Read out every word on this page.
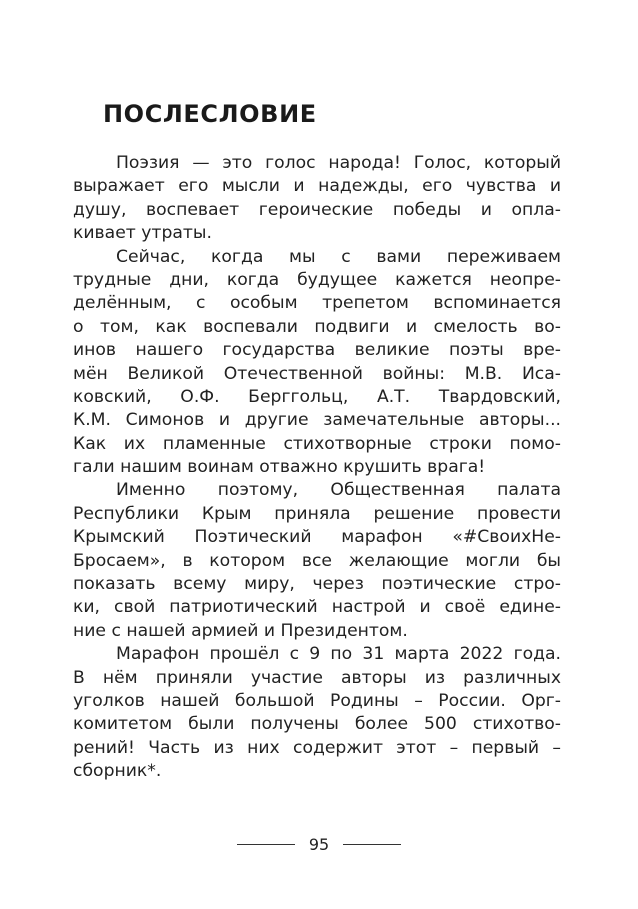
ПОСЛЕСЛОВИЕ
Поэзия — это голос народа! Голос, который
выражает его мысли и надежды, его чувства и
душу, воспевает героические победы и опла-
кивает утраты.
Сейчас, когда мы с вами переживаем
трудные дни, когда будущее кажется неопре-
делённым, с особым трепетом вспоминается
о том, как воспевали подвиги и смелость во-
инов нашего государства великие поэты вре-
мён Великой Отечественной войны: М.В. Иса-
ковский, О.Ф. Берггольц, А.Т. Твардовский,
К.М. Симонов и другие замечательные авторы...
Как их пламенные стихотворные строки помо-
гали нашим воинам отважно крушить врага!
Именно поэтому, Общественная палата
Республики Крым приняла решение провести
Крымский Поэтический марафон «#СвоихНе-
Бросаем», в котором все желающие могли бы
показать всему миру, через поэтические стро-
ки, свой патриотический настрой и своё едине-
ние с нашей армией и Президентом.
Марафон прошёл с 9 по 31 марта 2022 года.
В нём приняли участие авторы из различных
уголков нашей большой Родины – России. Орг-
комитетом были получены более 500 стихотво-
рений! Часть из них содержит этот – первый –
сборник*.
95
